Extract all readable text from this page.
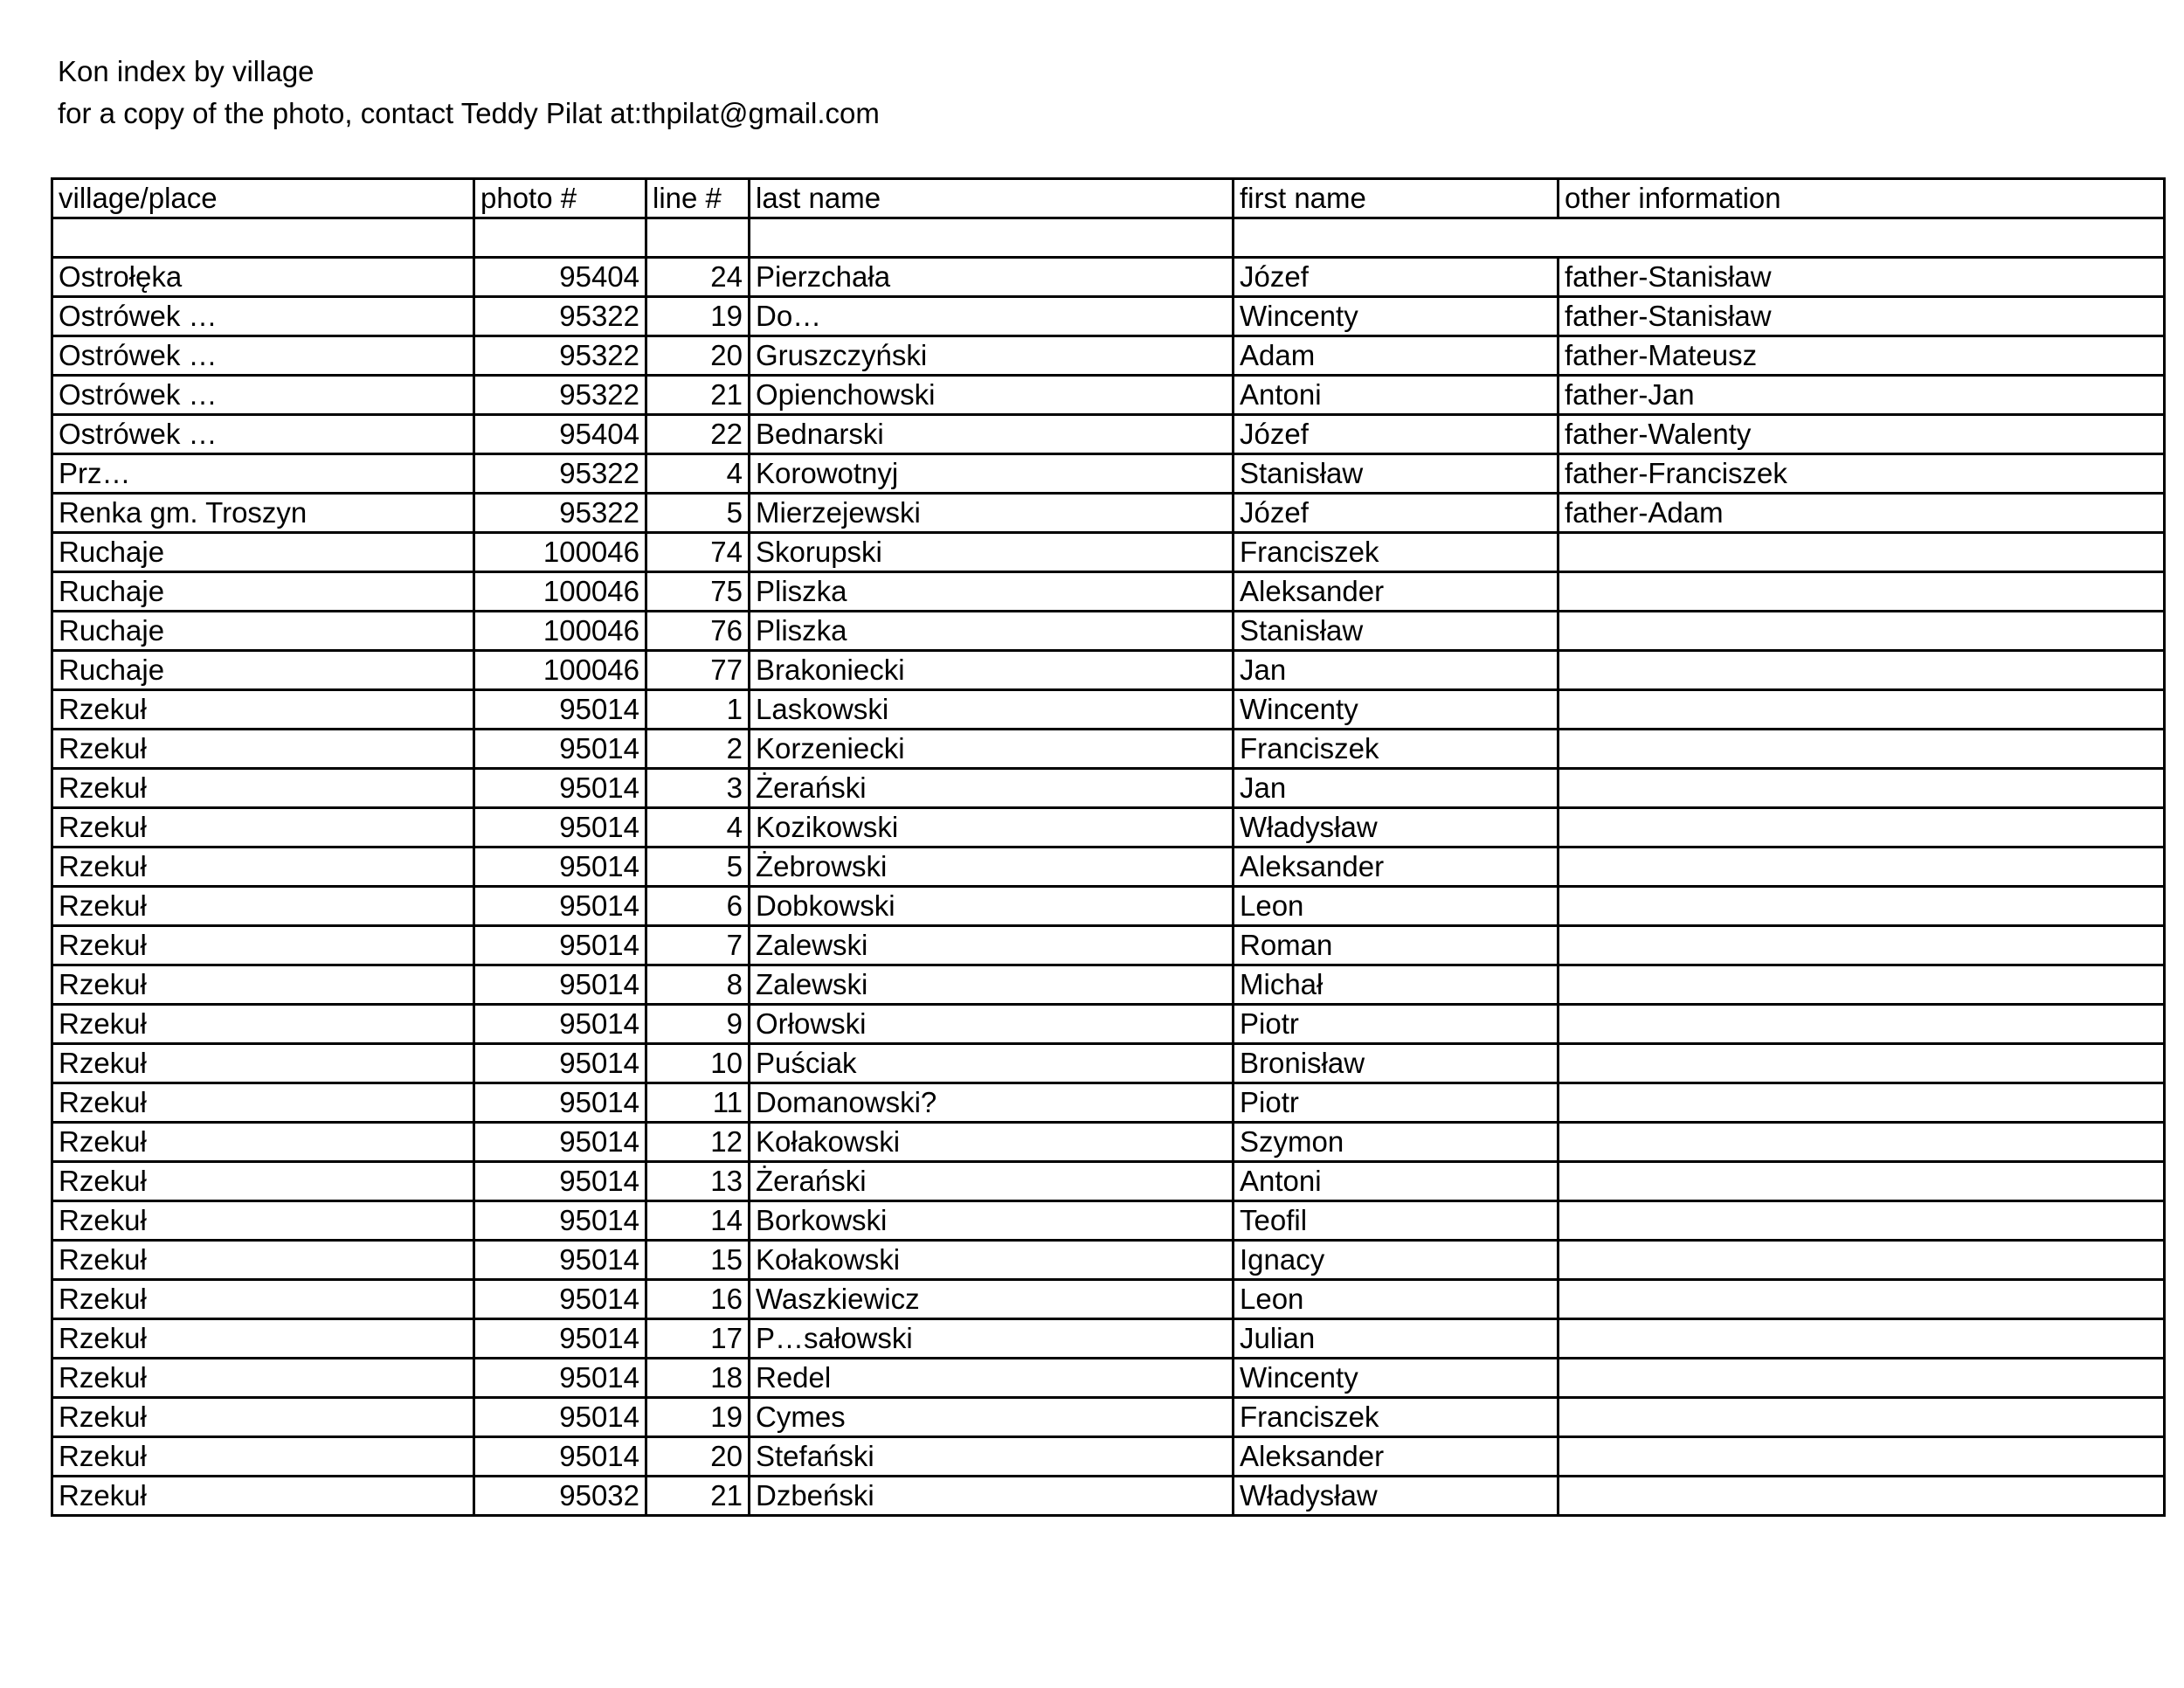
Kon index by village
for a copy of the photo, contact Teddy Pilat at:thpilat@gmail.com
village/place	photo #	line #	last name	first name	other information

Ostrołęka	95404	24	Pierzchała	Józef	father-Stanisław
Ostrówek …	95322	19	Do…	Wincenty	father-Stanisław
Ostrówek …	95322	20	Gruszczyński	Adam	father-Mateusz
Ostrówek …	95322	21	Opienchowski	Antoni	father-Jan
Ostrówek …	95404	22	Bednarski	Józef	father-Walenty
Prz…	95322	4	Korowotnyj	Stanisław	father-Franciszek
Renka gm. Troszyn	95322	5	Mierzejewski	Józef	father-Adam
Ruchaje	100046	74	Skorupski	Franciszek	
Ruchaje	100046	75	Pliszka	Aleksander	
Ruchaje	100046	76	Pliszka	Stanisław	
Ruchaje	100046	77	Brakoniecki	Jan	
Rzekuł	95014	1	Laskowski	Wincenty	
Rzekuł	95014	2	Korzeniecki	Franciszek	
Rzekuł	95014	3	Żerański	Jan	
Rzekuł	95014	4	Kozikowski	Władysław	
Rzekuł	95014	5	Żebrowski	Aleksander	
Rzekuł	95014	6	Dobkowski	Leon	
Rzekuł	95014	7	Zalewski	Roman	
Rzekuł	95014	8	Zalewski	Michał	
Rzekuł	95014	9	Orłowski	Piotr	
Rzekuł	95014	10	Puściak	Bronisław	
Rzekuł	95014	11	Domanowski?	Piotr	
Rzekuł	95014	12	Kołakowski	Szymon	
Rzekuł	95014	13	Żerański	Antoni	
Rzekuł	95014	14	Borkowski	Teofil	
Rzekuł	95014	15	Kołakowski	Ignacy	
Rzekuł	95014	16	Waszkiewicz	Leon	
Rzekuł	95014	17	P…sałowski	Julian	
Rzekuł	95014	18	Redel	Wincenty	
Rzekuł	95014	19	Cymes	Franciszek	
Rzekuł	95014	20	Stefański	Aleksander	
Rzekuł	95032	21	Dzbeński	Władysław	
